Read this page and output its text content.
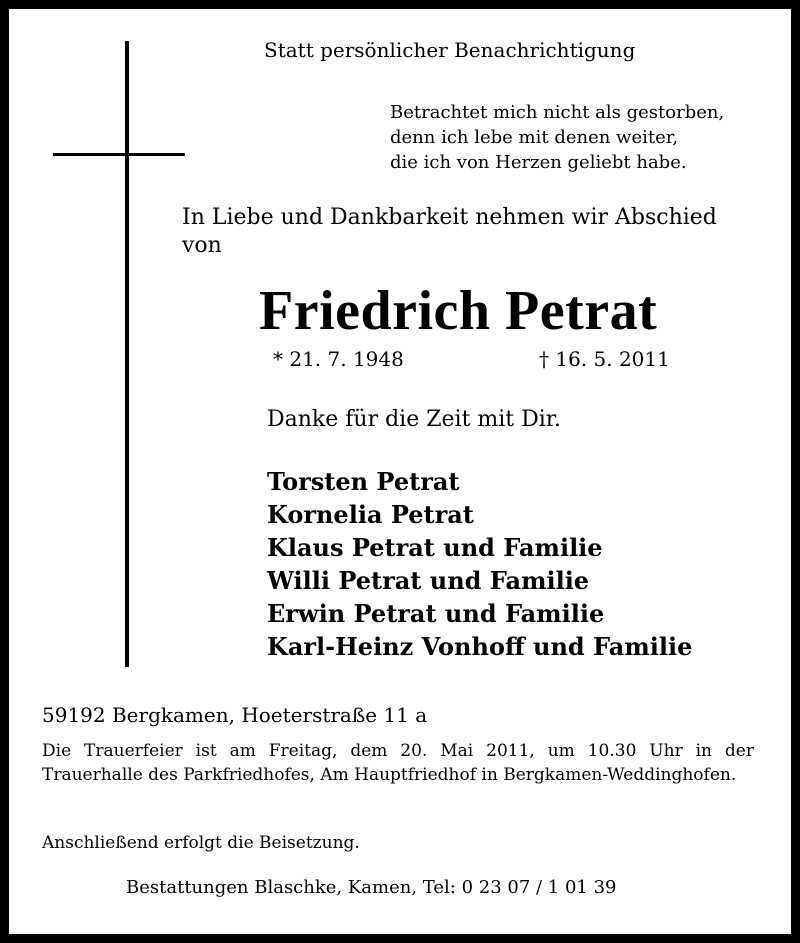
Statt persönlicher Benachrichtigung
Betrachtet mich nicht als gestorben,
denn ich lebe mit denen weiter,
die ich von Herzen geliebt habe.
In Liebe und Dankbarkeit nehmen wir Abschied
von
Friedrich Petrat
* 21. 7. 1948	† 16. 5. 2011
Danke für die Zeit mit Dir.
Torsten Petrat
Kornelia Petrat
Klaus Petrat und Familie
Willi Petrat und Familie
Erwin Petrat und Familie
Karl-Heinz Vonhoff und Familie
59192 Bergkamen, Hoeterstraße 11 a
Die Trauerfeier ist am Freitag, dem 20. Mai 2011, um 10.30 Uhr in der Trauerhalle des Parkfriedhofes, Am Hauptfriedhof in Bergkamen-Weddinghofen.
Anschließend erfolgt die Beisetzung.
Bestattungen Blaschke, Kamen, Tel: 0 23 07 / 1 01 39
